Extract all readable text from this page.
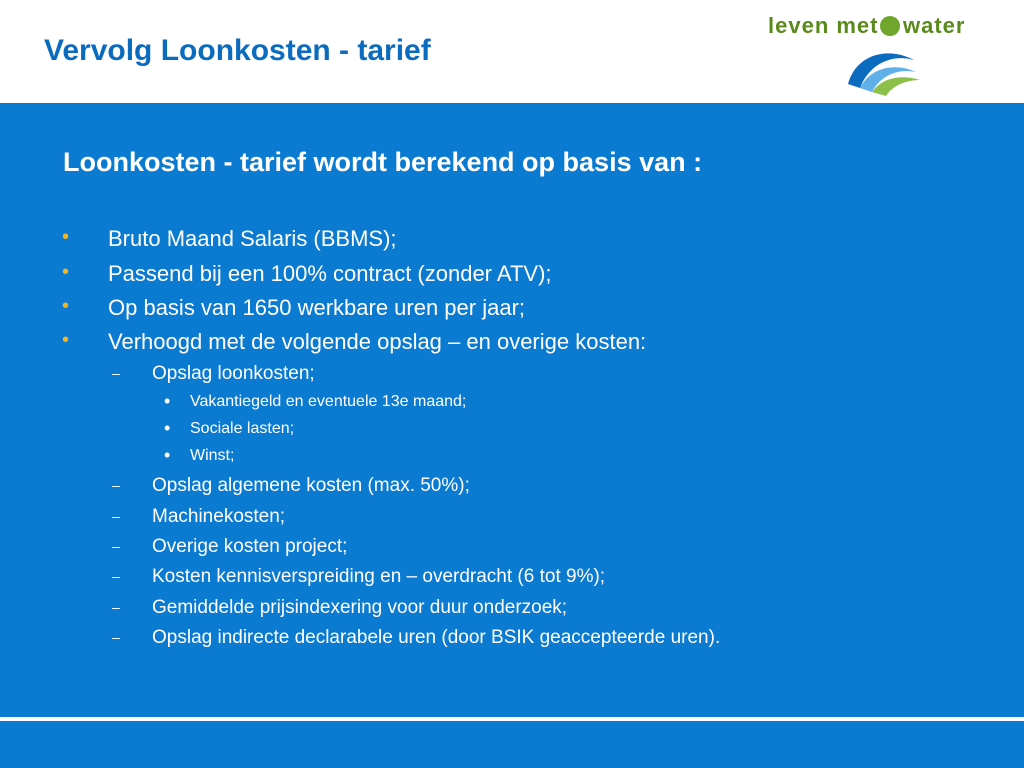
Vervolg Loonkosten - tarief
leven met water
Loonkosten - tarief wordt berekend op basis van :
• Bruto Maand Salaris (BBMS);
• Passend bij een 100% contract (zonder ATV);
• Op basis van 1650 werkbare uren per jaar;
• Verhoogd met de volgende opslag – en overige kosten:
– Opslag loonkosten;
• Vakantiegeld en eventuele 13e maand;
• Sociale lasten;
• Winst;
– Opslag algemene kosten (max. 50%);
– Machinekosten;
– Overige kosten project;
– Kosten kennisverspreiding en – overdracht (6 tot 9%);
– Gemiddelde prijsindexering voor duur onderzoek;
– Opslag indirecte declarabele uren (door BSIK geaccepteerde uren).
